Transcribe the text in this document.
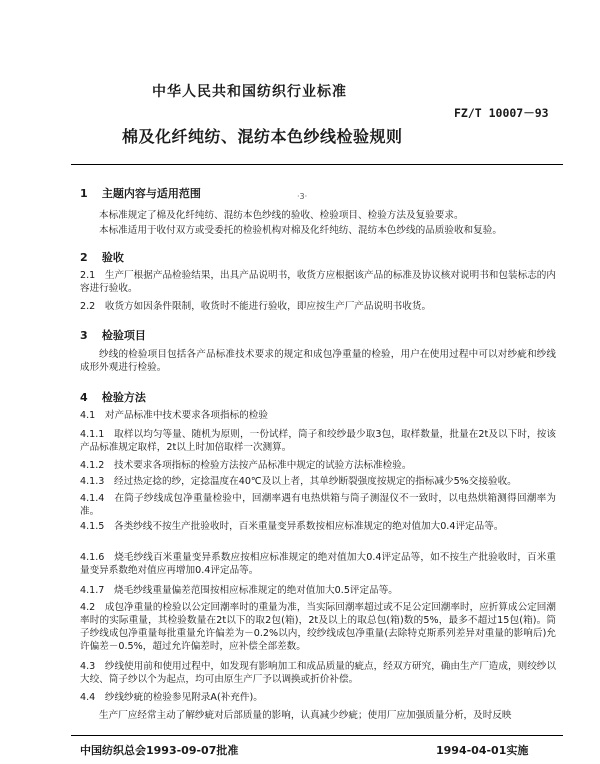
中华人民共和国纺织行业标准
FZ/T 10007－93
棉及化纤纯纺、混纺本色纱线检验规则
1 主题内容与适用范围	·3·
本标准规定了棉及化纤纯纺、混纺本色纱线的验收、检验项目、检验方法及复验要求。
本标准适用于收付双方或受委托的检验机构对棉及化纤纯纺、混纺本色纱线的品质验收和复验。
2 验收
2.1　生产厂根据产品检验结果，出具产品说明书，收货方应根据该产品的标准及协议核对说明书和包装标志的内容进行验收。
2.2　收货方如因条件限制，收货时不能进行验收，即应按生产厂产品说明书收货。
3 检验项目
纱线的检验项目包括各产品标准技术要求的规定和成包净重量的检验，用户在使用过程中可以对纱疵和纱线成形外观进行检验。
4 检验方法
4.1　对产品标准中技术要求各项指标的检验
4.1.1　取样以均匀等量、随机为原则，一份试样，筒子和绞纱最少取3包，取样数量，批量在2t及以下时，按该产品标准规定取样，2t以上时加倍取样一次测算。
4.1.2　技术要求各项指标的检验方法按产品标准中规定的试验方法标准检验。
4.1.3　经过热定捻的纱，定捻温度在40℃及以上者，其单纱断裂强度按规定的指标减少5%交接验收。
4.1.4　在筒子纱线成包净重量检验中，回潮率遇有电热烘箱与筒子测湿仪不一致时，以电热烘箱测得回潮率为准。
4.1.5　各类纱线不按生产批验收时，百米重量变异系数按相应标准规定的绝对值加大0.4评定品等。
4.1.6　烧毛纱线百米重量变异系数应按相应标准规定的绝对值加大0.4评定品等，如不按生产批验收时，百米重量变异系数绝对值应再增加0.4评定品等。
4.1.7　烧毛纱线重量偏差范围按相应标准规定的绝对值加大0.5评定品等。
4.2　成包净重量的检验以公定回潮率时的重量为准，当实际回潮率超过或不足公定回潮率时，应折算成公定回潮率时的实际重量，其检验数量在2t以下的取2包(箱)，2t及以上的取总包(箱)数的5%，最多不超过15包(箱)。筒子纱线成包净重量每批重量允许偏差为－0.2%以内，绞纱线成包净重量(去除特克斯系列差异对重量的影响后)允许偏差－0.5%，超过允许偏差时，应补偿全部差数。
4.3　纱线使用前和使用过程中，如发现有影响加工和成品质量的疵点，经双方研究，确由生产厂造成，则绞纱以大绞、筒子纱以个为起点，均可由原生产厂予以调换或折价补偿。
4.4　纱线纱疵的检验参见附录A(补充件)。
生产厂应经常主动了解纱疵对后部质量的影响，认真减少纱疵；使用厂应加强质量分析，及时反映
中国纺织总会1993-09-07批准	1994-04-01实施
